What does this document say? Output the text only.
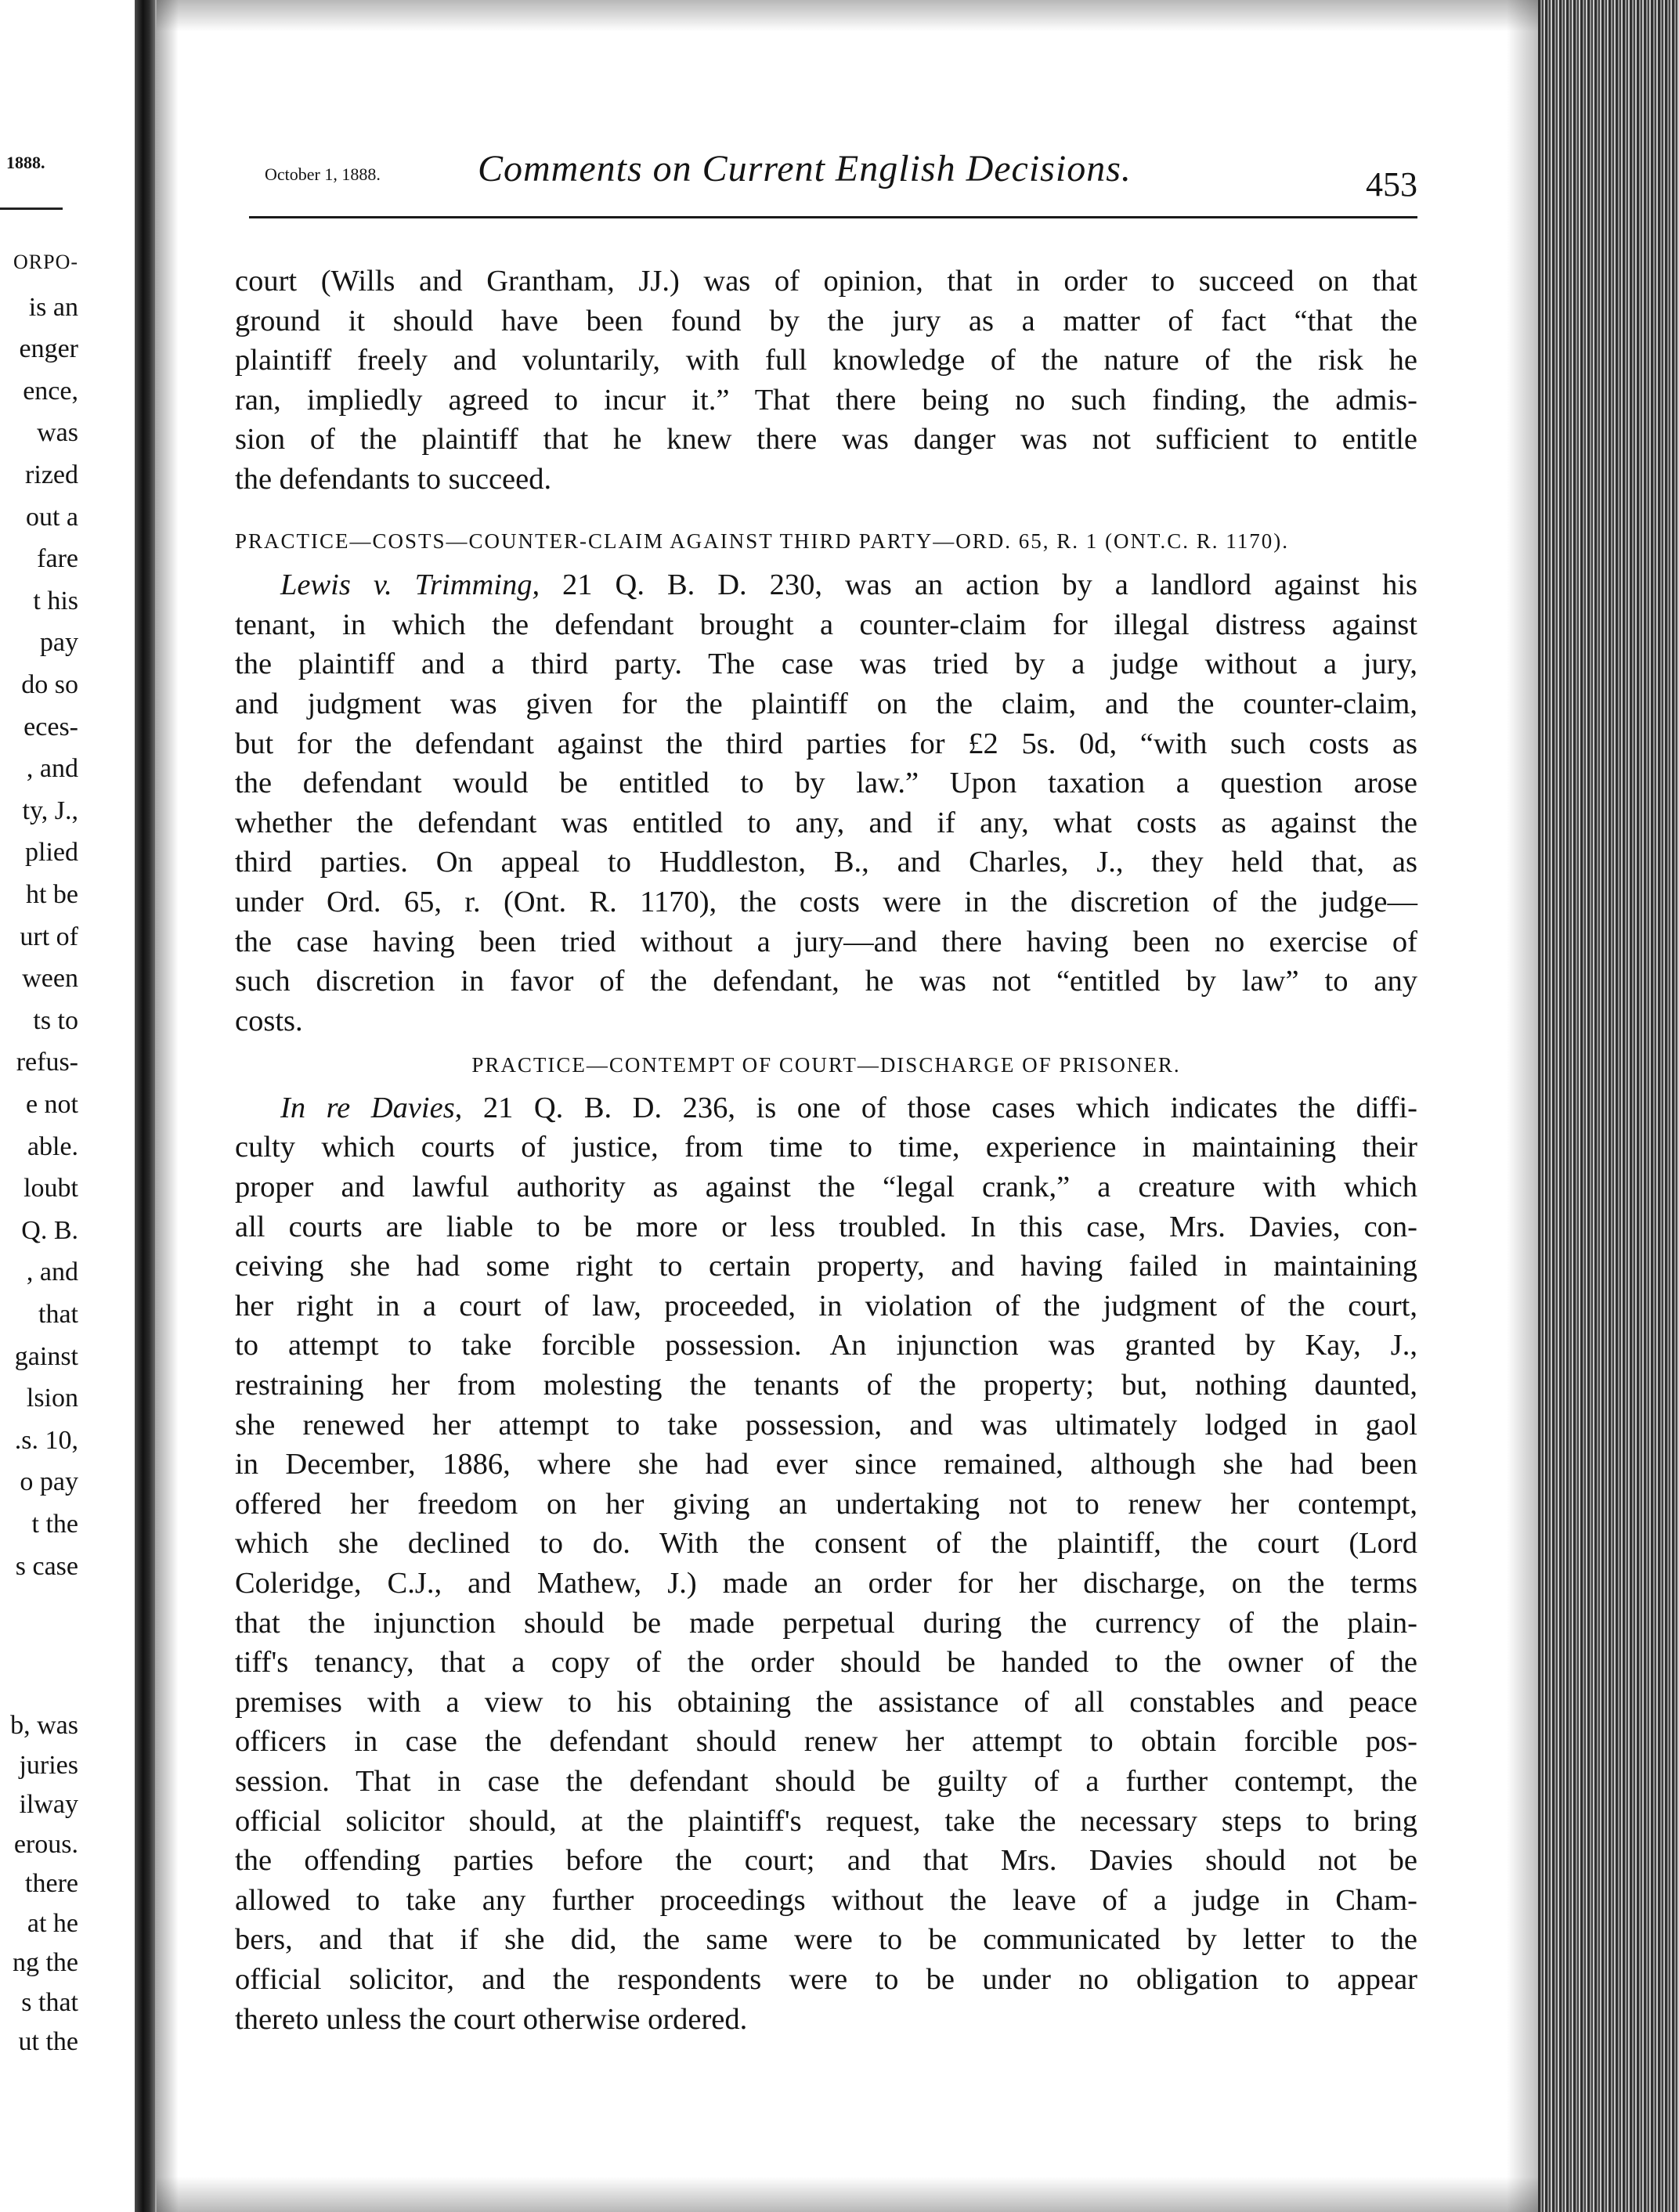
1888.
ORPO-
is an
enger
ence,
was
rized
out a
fare
t his
pay
do so
eces-
, and
ty, J.,
plied
ht be
urt of
ween
ts to
refus-
e not
able.
loubt
Q. B.
, and
that
gainst
lsion
.s. 10,
o pay
t the
s case
b, was
juries
ilway
erous.
there
at he
ng the
s that
ut the
October 1, 1888.	Comments on Current English Decisions.	453
court (Wills and Grantham, JJ.) was of opinion, that in order to succeed on that
ground it should have been found by the jury as a matter of fact “that the
plaintiff freely and voluntarily, with full knowledge of the nature of the risk he
ran, impliedly agreed to incur it.” That there being no such finding, the admis-
sion of the plaintiff that he knew there was danger was not sufficient to entitle
the defendants to succeed.
PRACTICE—COSTS—COUNTER-CLAIM AGAINST THIRD PARTY—ORD. 65, R. 1 (ONT.C. R. 1170).
Lewis v. Trimming, 21 Q. B. D. 230, was an action by a landlord against his
tenant, in which the defendant brought a counter-claim for illegal distress against
the plaintiff and a third party. The case was tried by a judge without a jury,
and judgment was given for the plaintiff on the claim, and the counter-claim,
but for the defendant against the third parties for £2 5s. 0d, “with such costs as
the defendant would be entitled to by law.” Upon taxation a question arose
whether the defendant was entitled to any, and if any, what costs as against the
third parties. On appeal to Huddleston, B., and Charles, J., they held that, as
under Ord. 65, r. (Ont. R. 1170), the costs were in the discretion of the judge—
the case having been tried without a jury—and there having been no exercise of
such discretion in favor of the defendant, he was not “entitled by law” to any
costs.
PRACTICE—CONTEMPT OF COURT—DISCHARGE OF PRISONER.
In re Davies, 21 Q. B. D. 236, is one of those cases which indicates the diffi-
culty which courts of justice, from time to time, experience in maintaining their
proper and lawful authority as against the “legal crank,” a creature with which
all courts are liable to be more or less troubled. In this case, Mrs. Davies, con-
ceiving she had some right to certain property, and having failed in maintaining
her right in a court of law, proceeded, in violation of the judgment of the court,
to attempt to take forcible possession. An injunction was granted by Kay, J.,
restraining her from molesting the tenants of the property; but, nothing daunted,
she renewed her attempt to take possession, and was ultimately lodged in gaol
in December, 1886, where she had ever since remained, although she had been
offered her freedom on her giving an undertaking not to renew her contempt,
which she declined to do. With the consent of the plaintiff, the court (Lord
Coleridge, C.J., and Mathew, J.) made an order for her discharge, on the terms
that the injunction should be made perpetual during the currency of the plain-
tiff's tenancy, that a copy of the order should be handed to the owner of the
premises with a view to his obtaining the assistance of all constables and peace
officers in case the defendant should renew her attempt to obtain forcible pos-
session. That in case the defendant should be guilty of a further contempt, the
official solicitor should, at the plaintiff's request, take the necessary steps to bring
the offending parties before the court; and that Mrs. Davies should not be
allowed to take any further proceedings without the leave of a judge in Cham-
bers, and that if she did, the same were to be communicated by letter to the
official solicitor, and the respondents were to be under no obligation to appear
thereto unless the court otherwise ordered.
